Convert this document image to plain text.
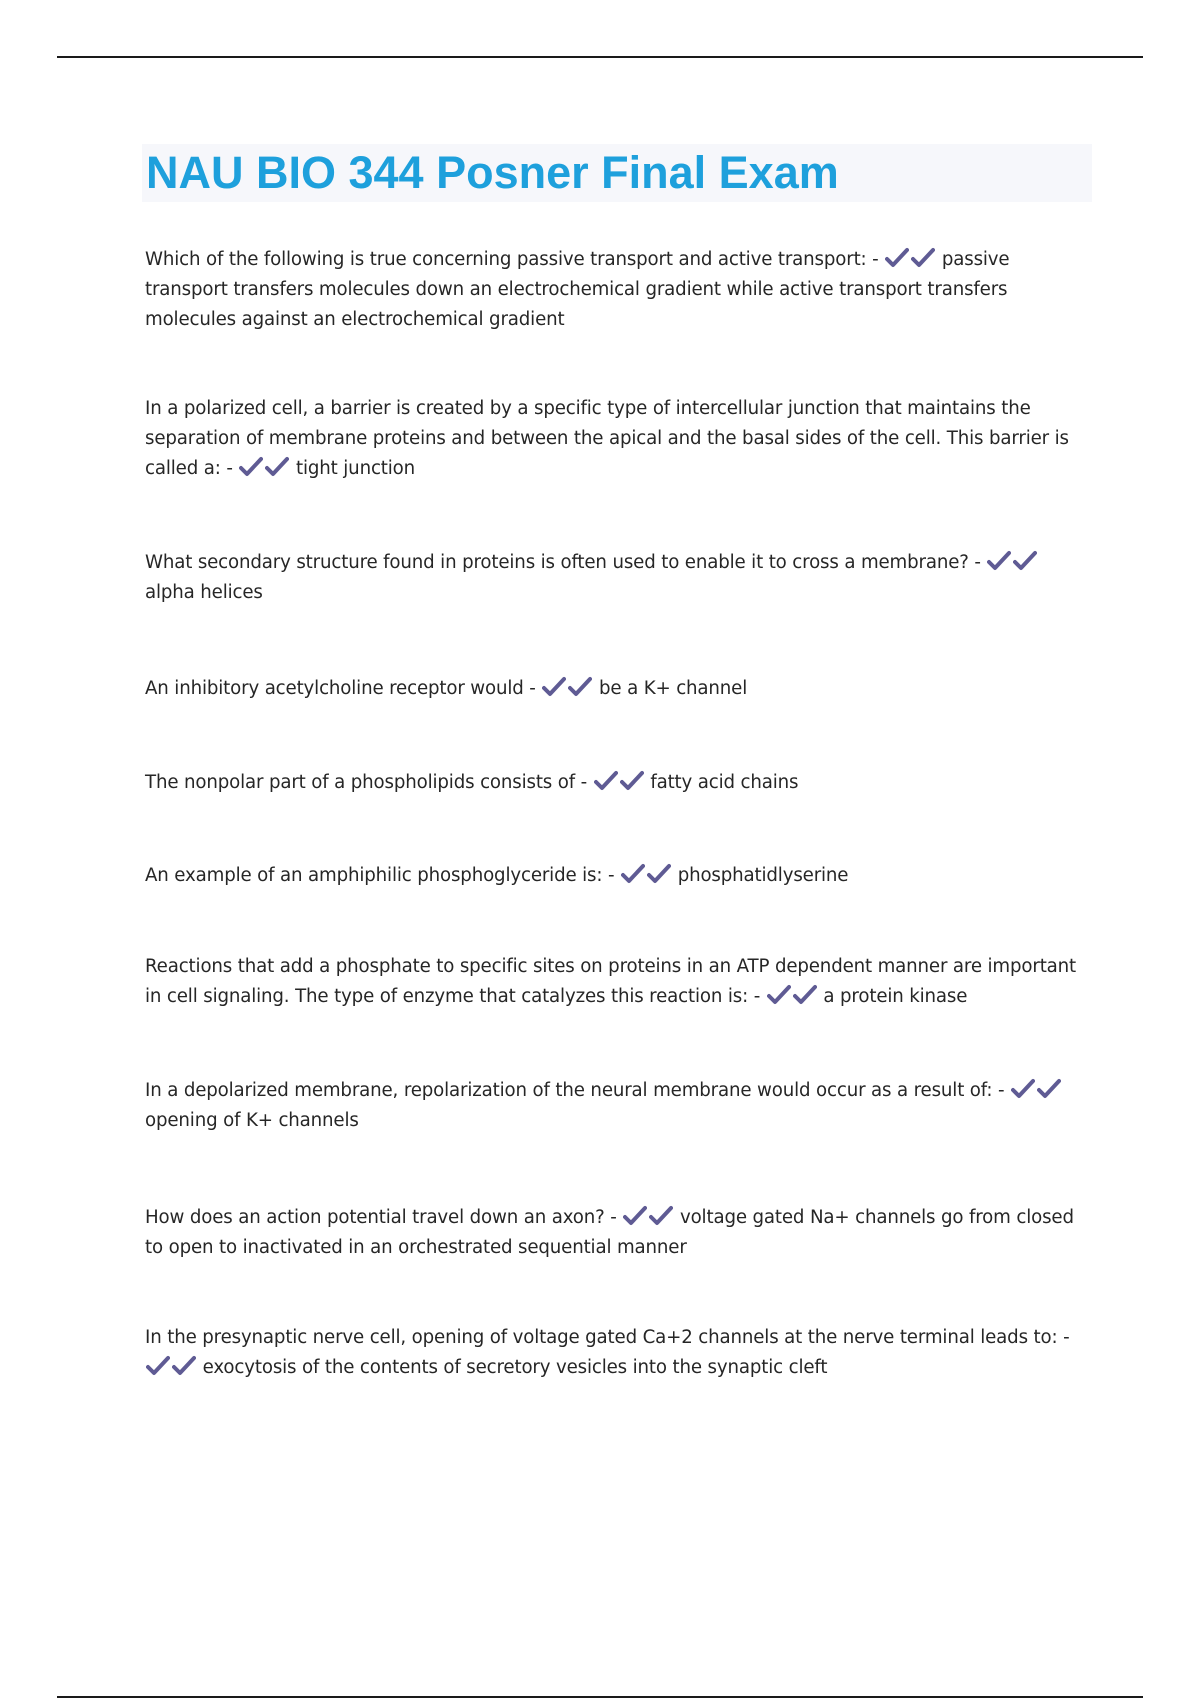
NAU BIO 344 Posner Final Exam

Which of the following is true concerning passive transport and active transport: -	passive transport transfers molecules down an electrochemical gradient while active transport transfers molecules against an electrochemical gradient

In a polarized cell, a barrier is created by a specific type of intercellular junction that maintains the separation of membrane proteins and between the apical and the basal sides of the cell. This barrier is called a: -	tight junction

What secondary structure found in proteins is often used to enable it to cross a membrane? -
alpha helices

An inhibitory acetylcholine receptor would -	be a K+ channel

The nonpolar part of a phospholipids consists of -	fatty acid chains

An example of an amphiphilic phosphoglyceride is: -	phosphatidlyserine

Reactions that add a phosphate to specific sites on proteins in an ATP dependent manner are important in cell signaling. The type of enzyme that catalyzes this reaction is: -	a protein kinase

In a depolarized membrane, repolarization of the neural membrane would occur as a result of: -
opening of K+ channels

How does an action potential travel down an axon? -	voltage gated Na+ channels go from closed to open to inactivated in an orchestrated sequential manner

In the presynaptic nerve cell, opening of voltage gated Ca+2 channels at the nerve terminal leads to: -
exocytosis of the contents of secretory vesicles into the synaptic cleft
